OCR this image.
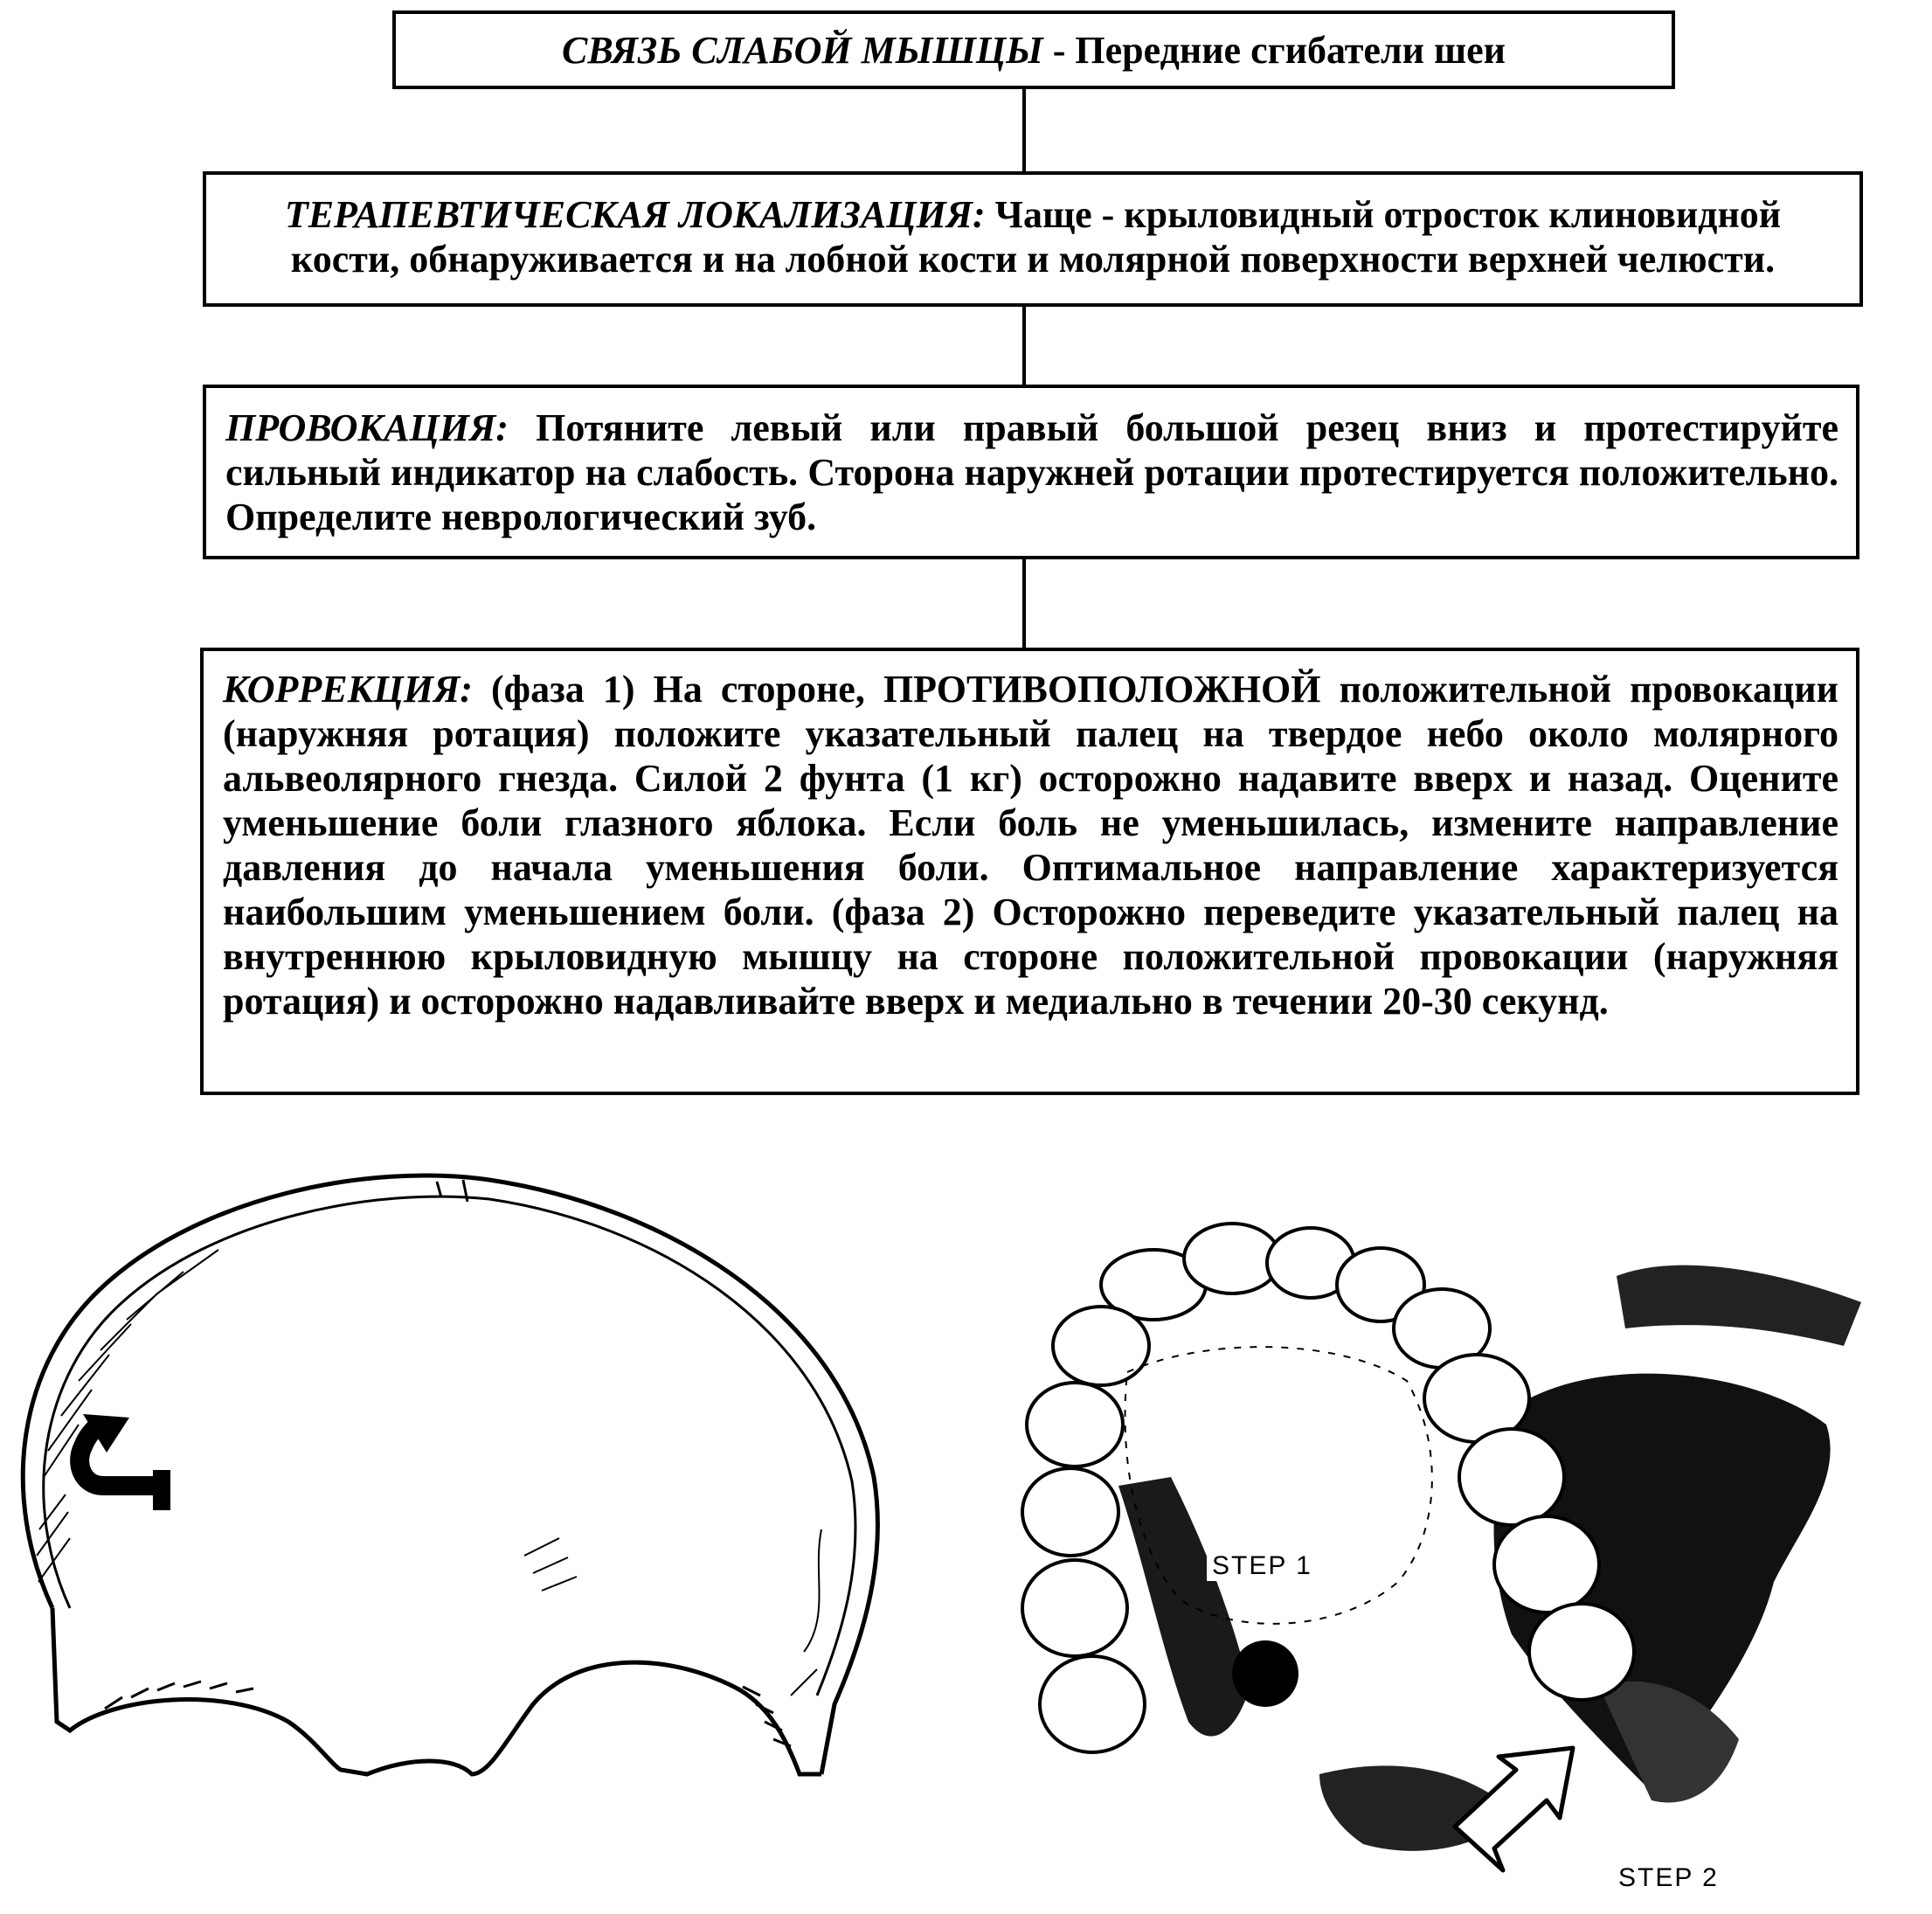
СВЯЗЬ СЛАБОЙ МЫШЦЫ - Передние сгибатели шеи
ТЕРАПЕВТИЧЕСКАЯ ЛОКАЛИЗАЦИЯ: Чаще - крыловидный отросток клиновидной кости, обнаруживается и на лобной кости и молярной поверхности верхней челюсти.
ПРОВОКАЦИЯ: Потяните левый или правый большой резец вниз и протестируйте сильный индикатор на слабость. Сторона наружней ротации протестируется положительно. Определите неврологический зуб.
КОРРЕКЦИЯ: (фаза 1) На стороне, ПРОТИВОПОЛОЖНОЙ положительной провокации (наружняя ротация) положите указательный палец на твердое небо около молярного альвеолярного гнезда. Силой 2 фунта (1 кг) осторожно надавите вверх и назад. Оцените уменьшение боли глазного яблока. Если боль не уменьшилась, измените направление давления до начала уменьшения боли. Оптимальное направление характеризуется наибольшим уменьшением боли. (фаза 2) Осторожно переведите указательный палец на внутреннюю крыловидную мышцу на стороне положительной провокации (наружняя ротация) и осторожно надавливайте вверх и медиально в течении 20-30 секунд.
STEP 1
STEP 2
